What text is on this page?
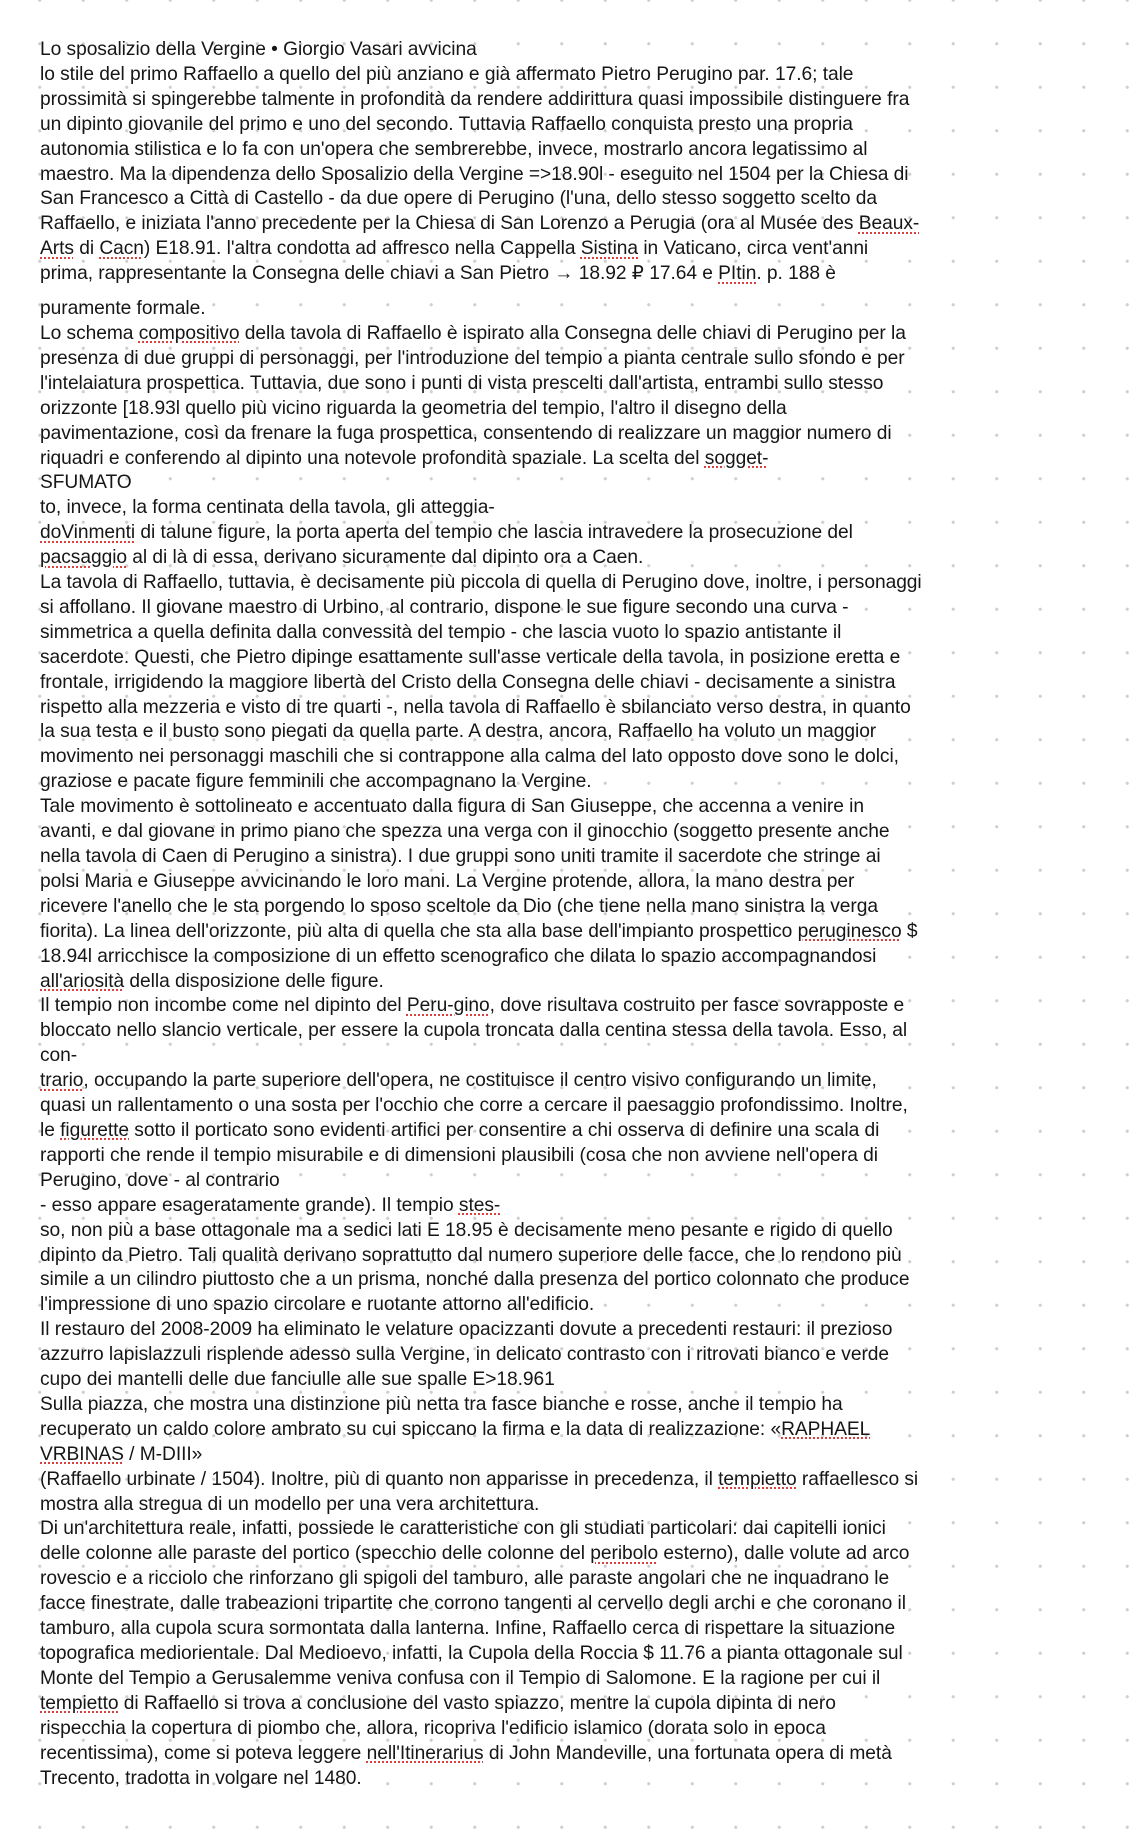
Lo sposalizio della Vergine • Giorgio Vasari avvicina
lo stile del primo Raffaello a quello del più anziano e già affermato Pietro Perugino par. 17.6; tale
prossimità si spingerebbe talmente in profondità da rendere addirittura quasi impossibile distinguere fra
un dipinto giovanile del primo e uno del secondo. Tuttavia Raffaello conquista presto una propria
autonomia stilistica e lo fa con un'opera che sembrerebbe, invece, mostrarlo ancora legatissimo al
maestro. Ma la dipendenza dello Sposalizio della Vergine =>18.90l - eseguito nel 1504 per la Chiesa di
San Francesco a Città di Castello - da due opere di Perugino (l'una, dello stesso soggetto scelto da
Raffaello, e iniziata l'anno precedente per la Chiesa di San Lorenzo a Perugia (ora al Musée des Beaux-
Arts di Cacn) E18.91. l'altra condotta ad affresco nella Cappella Sistina in Vaticano, circa vent'anni
prima, rappresentante la Consegna delle chiavi a San Pietro → 18.92 ₽ 17.64 e PItin. p. 188 è
puramente formale.
Lo schema compositivo della tavola di Raffaello è ispirato alla Consegna delle chiavi di Perugino per la
presenza di due gruppi di personaggi, per l'introduzione del tempio a pianta centrale sullo sfondo e per
l'intelaiatura prospettica. Tuttavia, due sono i punti di vista prescelti dall'artista, entrambi sullo stesso
orizzonte [18.93l quello più vicino riguarda la geometria del tempio, l'altro il disegno della
pavimentazione, così da frenare la fuga prospettica, consentendo di realizzare un maggior numero di
riquadri e conferendo al dipinto una notevole profondità spaziale. La scelta del sogget-
SFUMATO
to, invece, la forma centinata della tavola, gli atteggia-
doVinmenti di talune figure, la porta aperta del tempio che lascia intravedere la prosecuzione del
pacsaggio al di là di essa, derivano sicuramente dal dipinto ora a Caen.
La tavola di Raffaello, tuttavia, è decisamente più piccola di quella di Perugino dove, inoltre, i personaggi
si affollano. Il giovane maestro di Urbino, al contrario, dispone le sue figure secondo una curva -
simmetrica a quella definita dalla convessità del tempio - che lascia vuoto lo spazio antistante il
sacerdote. Questi, che Pietro dipinge esattamente sull'asse verticale della tavola, in posizione eretta e
frontale, irrigidendo la maggiore libertà del Cristo della Consegna delle chiavi - decisamente a sinistra
rispetto alla mezzeria e visto di tre quarti -, nella tavola di Raffaello è sbilanciato verso destra, in quanto
la sua testa e il busto sono piegati da quella parte. A destra, ancora, Raffaello ha voluto un maggior
movimento nei personaggi maschili che si contrappone alla calma del lato opposto dove sono le dolci,
graziose e pacate figure femminili che accompagnano la Vergine.
Tale movimento è sottolineato e accentuato dalla figura di San Giuseppe, che accenna a venire in
avanti, e dal giovane in primo piano che spezza una verga con il ginocchio (soggetto presente anche
nella tavola di Caen di Perugino a sinistra). I due gruppi sono uniti tramite il sacerdote che stringe ai
polsi Maria e Giuseppe avvicinando le loro mani. La Vergine protende, allora, la mano destra per
ricevere l'anello che le sta porgendo lo sposo sceltole da Dio (che tiene nella mano sinistra la verga
fiorita). La linea dell'orizzonte, più alta di quella che sta alla base dell'impianto prospettico peruginesco $
18.94l arricchisce la composizione di un effetto scenografico che dilata lo spazio accompagnandosi
all'ariosità della disposizione delle figure.
Il tempio non incombe come nel dipinto del Peru-gino, dove risultava costruito per fasce sovrapposte e
bloccato nello slancio verticale, per essere la cupola troncata dalla centina stessa della tavola. Esso, al
con-
trario, occupando la parte superiore dell'opera, ne costituisce il centro visivo configurando un limite,
quasi un rallentamento o una sosta per l'occhio che corre a cercare il paesaggio profondissimo. Inoltre,
le figurette sotto il porticato sono evidenti artifici per consentire a chi osserva di definire una scala di
rapporti che rende il tempio misurabile e di dimensioni plausibili (cosa che non avviene nell'opera di
Perugino, dove - al contrario
- esso appare esageratamente grande). Il tempio stes-
so, non più a base ottagonale ma a sedici lati E 18.95 è decisamente meno pesante e rigido di quello
dipinto da Pietro. Tali qualità derivano soprattutto dal numero superiore delle facce, che lo rendono più
simile a un cilindro piuttosto che a un prisma, nonché dalla presenza del portico colonnato che produce
l'impressione di uno spazio circolare e ruotante attorno all'edificio.
Il restauro del 2008-2009 ha eliminato le velature opacizzanti dovute a precedenti restauri: il prezioso
azzurro lapislazzuli risplende adesso sulla Vergine, in delicato contrasto con i ritrovati bianco e verde
cupo dei mantelli delle due fanciulle alle sue spalle E>18.961
Sulla piazza, che mostra una distinzione più netta tra fasce bianche e rosse, anche il tempio ha
recuperato un caldo colore ambrato su cui spiccano la firma e la data di realizzazione: «RAPHAEL
VRBINAS / M-DIII»
(Raffaello urbinate / 1504). Inoltre, più di quanto non apparisse in precedenza, il tempietto raffaellesco si
mostra alla stregua di un modello per una vera architettura.
Di un'architettura reale, infatti, possiede le caratteristiche con gli studiati particolari: dai capitelli ionici
delle colonne alle paraste del portico (specchio delle colonne del peribolo esterno), dalle volute ad arco
rovescio e a ricciolo che rinforzano gli spigoli del tamburo, alle paraste angolari che ne inquadrano le
facce finestrate, dalle trabeazioni tripartite che corrono tangenti al cervello degli archi e che coronano il
tamburo, alla cupola scura sormontata dalla lanterna. Infine, Raffaello cerca di rispettare la situazione
topografica mediorientale. Dal Medioevo, infatti, la Cupola della Roccia $ 11.76 a pianta ottagonale sul
Monte del Tempio a Gerusalemme veniva confusa con il Tempio di Salomone. E la ragione per cui il
tempietto di Raffaello si trova a conclusione del vasto spiazzo, mentre la cupola dipinta di nero
rispecchia la copertura di piombo che, allora, ricopriva l'edificio islamico (dorata solo in epoca
recentissima), come si poteva leggere nell'Itinerarius di John Mandeville, una fortunata opera di metà
Trecento, tradotta in volgare nel 1480.
